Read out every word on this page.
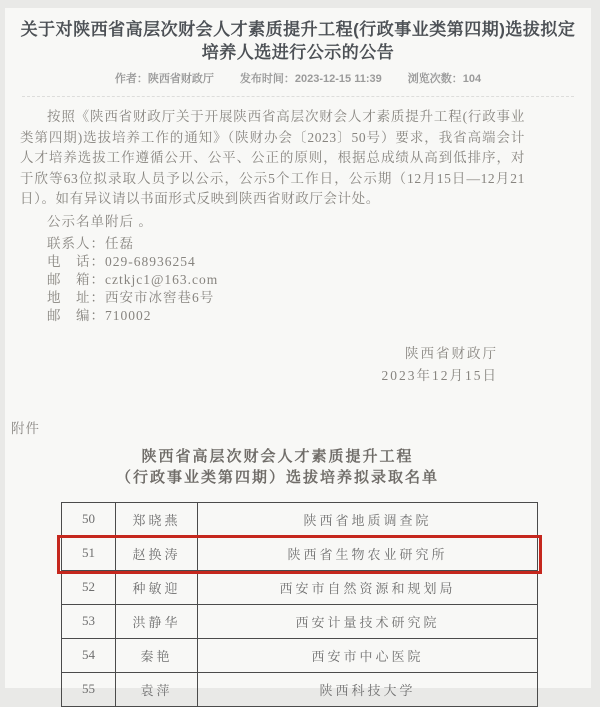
关于对陕西省高层次财会人才素质提升工程(行政事业类第四期)选拔拟定培养人选进行公示的公告
作者：陕西省财政厅 发布时间：2023-12-15 11:39 浏览次数：104

按照《陕西省财政厅关于开展陕西省高层次财会人才素质提升工程(行政事业类第四期)选拔培养工作的通知》（陕财办会〔2023〕50号）要求，我省高端会计人才培养选拔工作遵循公开、公平、公正的原则，根据总成绩从高到低排序，对于欣等63位拟录取人员予以公示，公示5个工作日，公示期（12月15日—12月21日）。如有异议请以书面形式反映到陕西省财政厅会计处。

公示名单附后 。

联系人：任磊

电　话：029-68936254

邮　箱：cztkjc1@163.com

地　址：西安市冰窖巷6号

邮　编：710002

陕西省财政厅
2023年12月15日
附件
陕西省高层次财会人才素质提升工程
（行政事业类第四期）选拔培养拟录取名单
50	郑晓燕	陕西省地质调查院
51	赵换涛	陕西省生物农业研究所
52	种敏迎	西安市自然资源和规划局
53	洪静华	西安计量技术研究院
54	秦艳	西安市中心医院
55	袁萍	陕西科技大学
